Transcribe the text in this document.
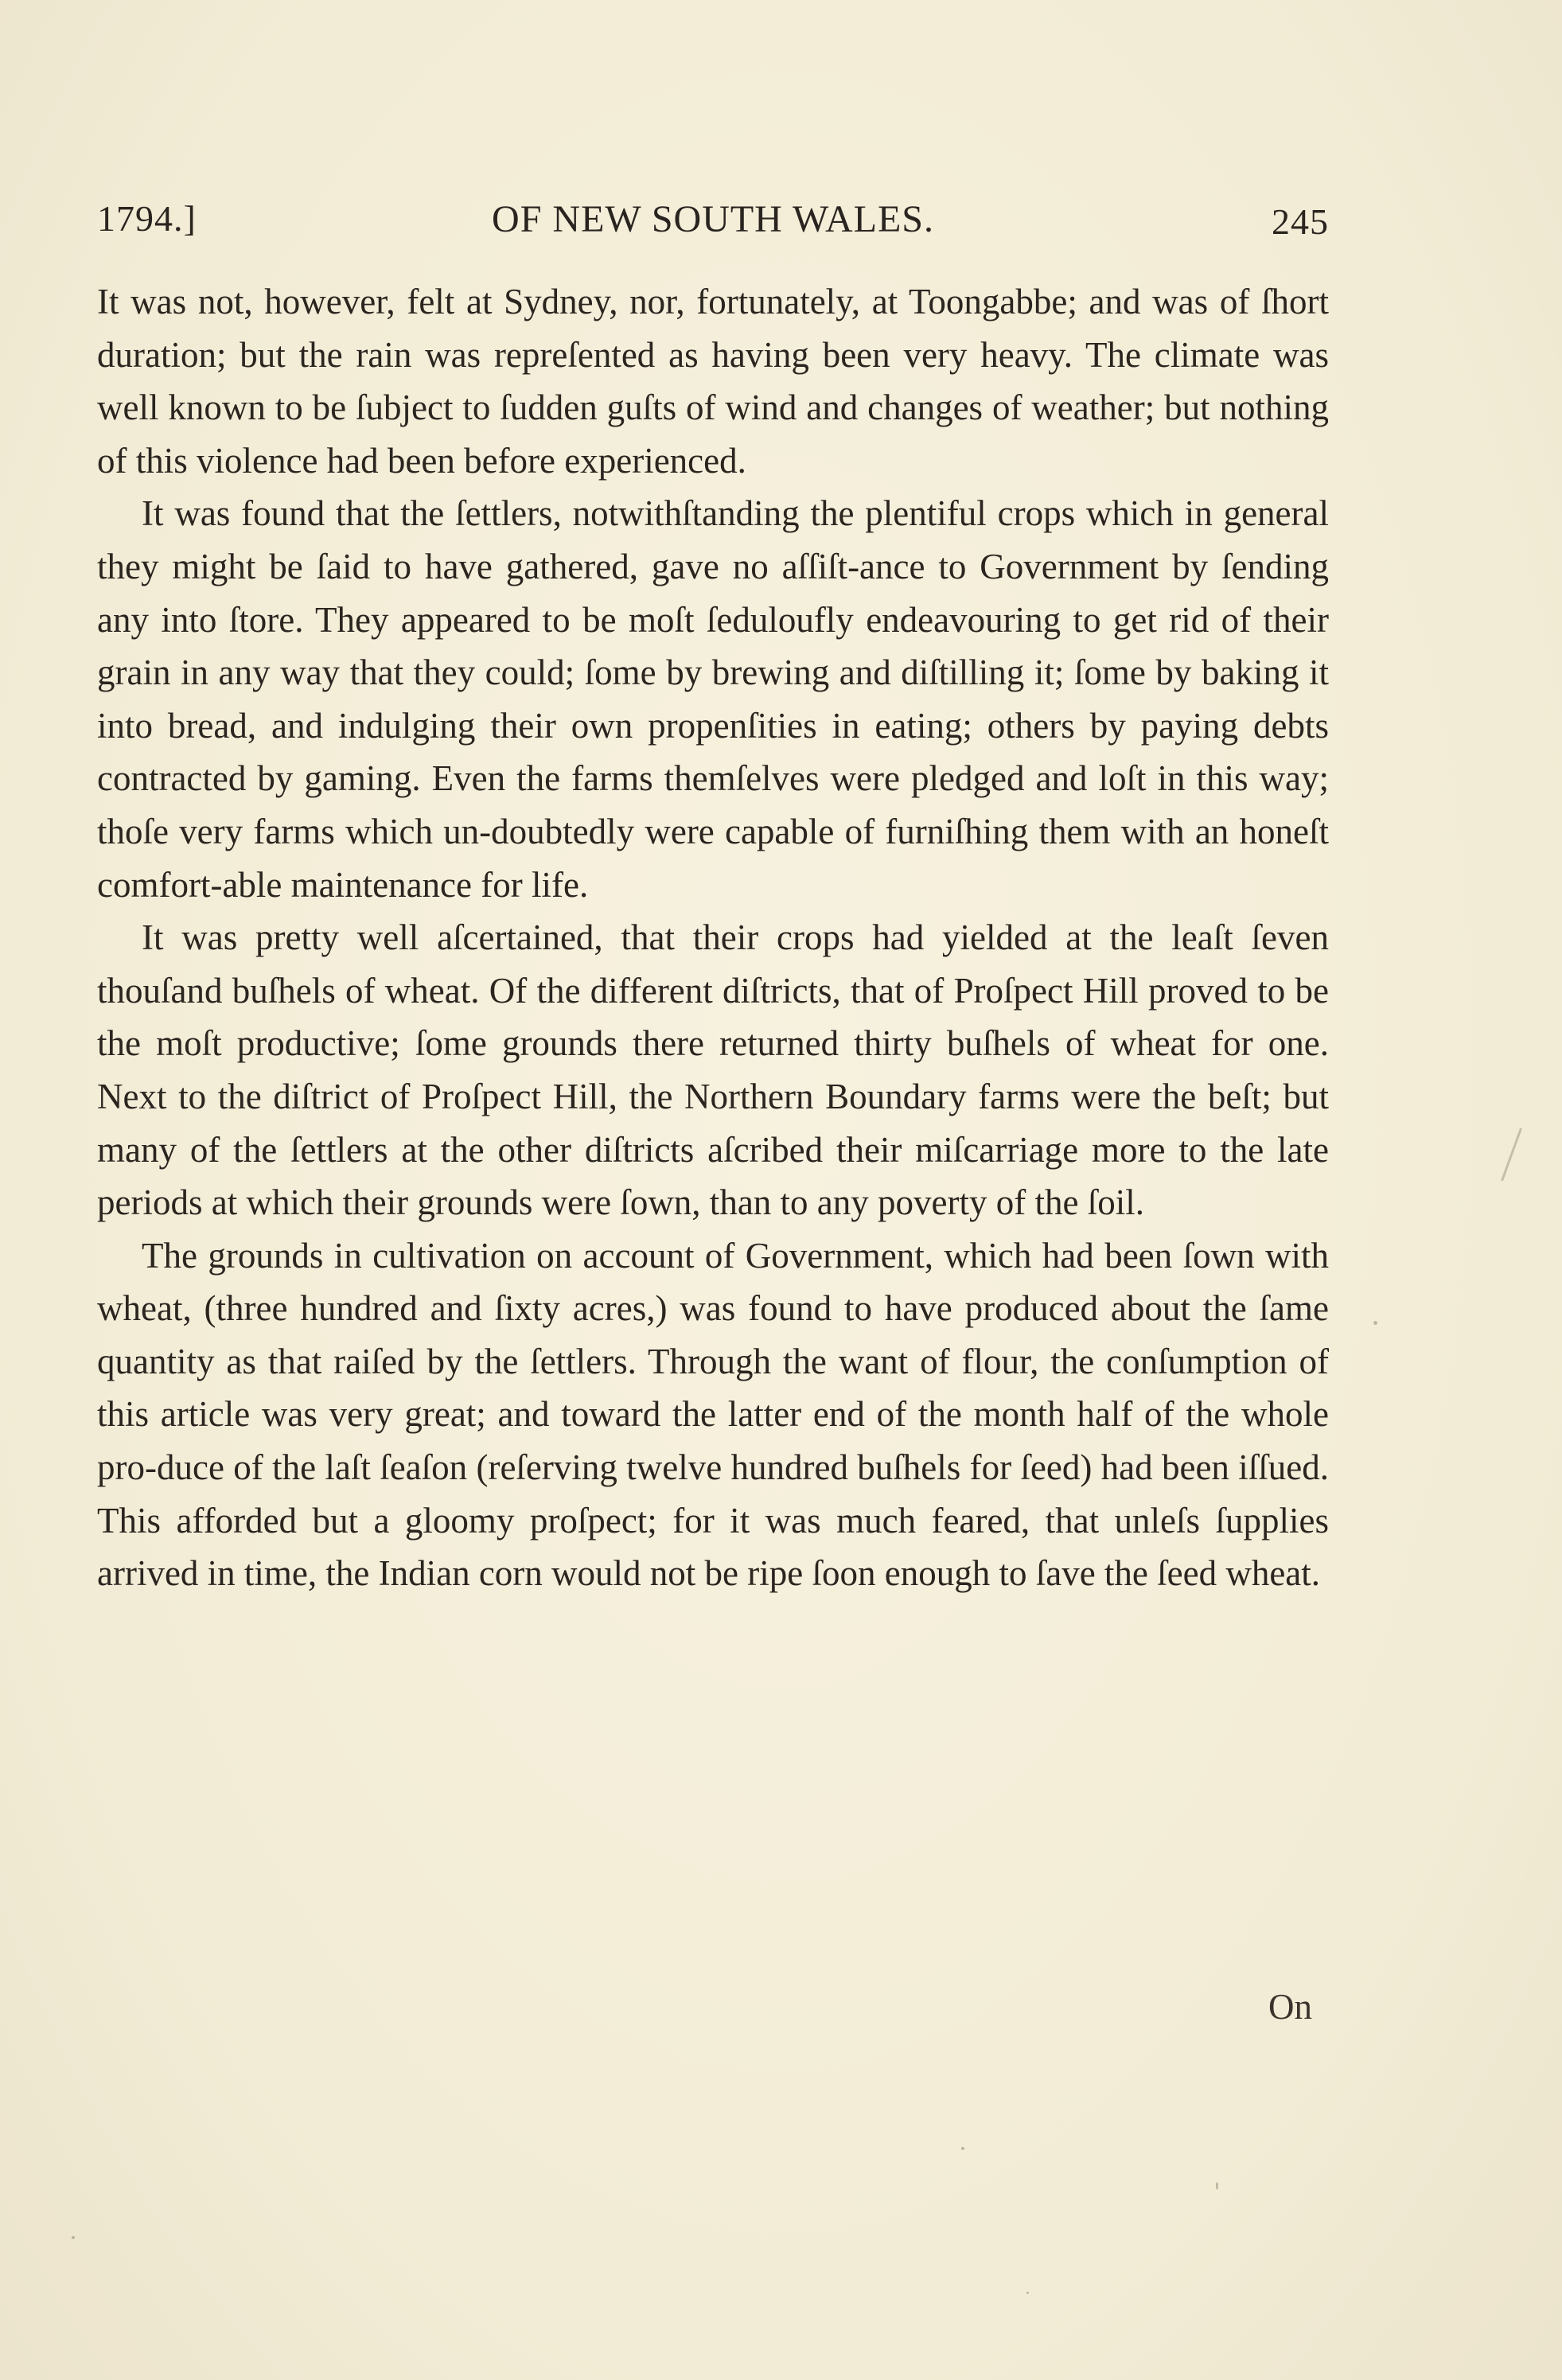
1794.]	OF NEW SOUTH WALES.	245

It was not, however, felt at Sydney, nor, fortunately, at Toongabbe; and was of ſhort duration; but the rain was repreſented as having been very heavy. The climate was well known to be ſubject to ſudden guſts of wind and changes of weather; but nothing of this violence had been before experienced.

It was found that the ſettlers, notwithſtanding the plentiful crops which in general they might be ſaid to have gathered, gave no aſſiſt-ance to Government by ſending any into ſtore. They appeared to be moſt ſeduloufly endeavouring to get rid of their grain in any way that they could; ſome by brewing and diſtilling it; ſome by baking it into bread, and indulging their own propenſities in eating; others by paying debts contracted by gaming. Even the farms themſelves were pledged and loſt in this way; thoſe very farms which un-doubtedly were capable of furniſhing them with an honeſt comfort-able maintenance for life.

It was pretty well aſcertained, that their crops had yielded at the leaſt ſeven thouſand buſhels of wheat. Of the different diſtricts, that of Proſpect Hill proved to be the moſt productive; ſome grounds there returned thirty buſhels of wheat for one. Next to the diſtrict of Proſpect Hill, the Northern Boundary farms were the beſt; but many of the ſettlers at the other diſtricts aſcribed their miſcarriage more to the late periods at which their grounds were ſown, than to any poverty of the ſoil.

The grounds in cultivation on account of Government, which had been ſown with wheat, (three hundred and ſixty acres,) was found to have produced about the ſame quantity as that raiſed by the ſettlers. Through the want of flour, the conſumption of this article was very great; and toward the latter end of the month half of the whole pro-duce of the laſt ſeaſon (reſerving twelve hundred buſhels for ſeed) had been iſſued. This afforded but a gloomy proſpect; for it was much feared, that unleſs ſupplies arrived in time, the Indian corn would not be ripe ſoon enough to ſave the ſeed wheat.

On
